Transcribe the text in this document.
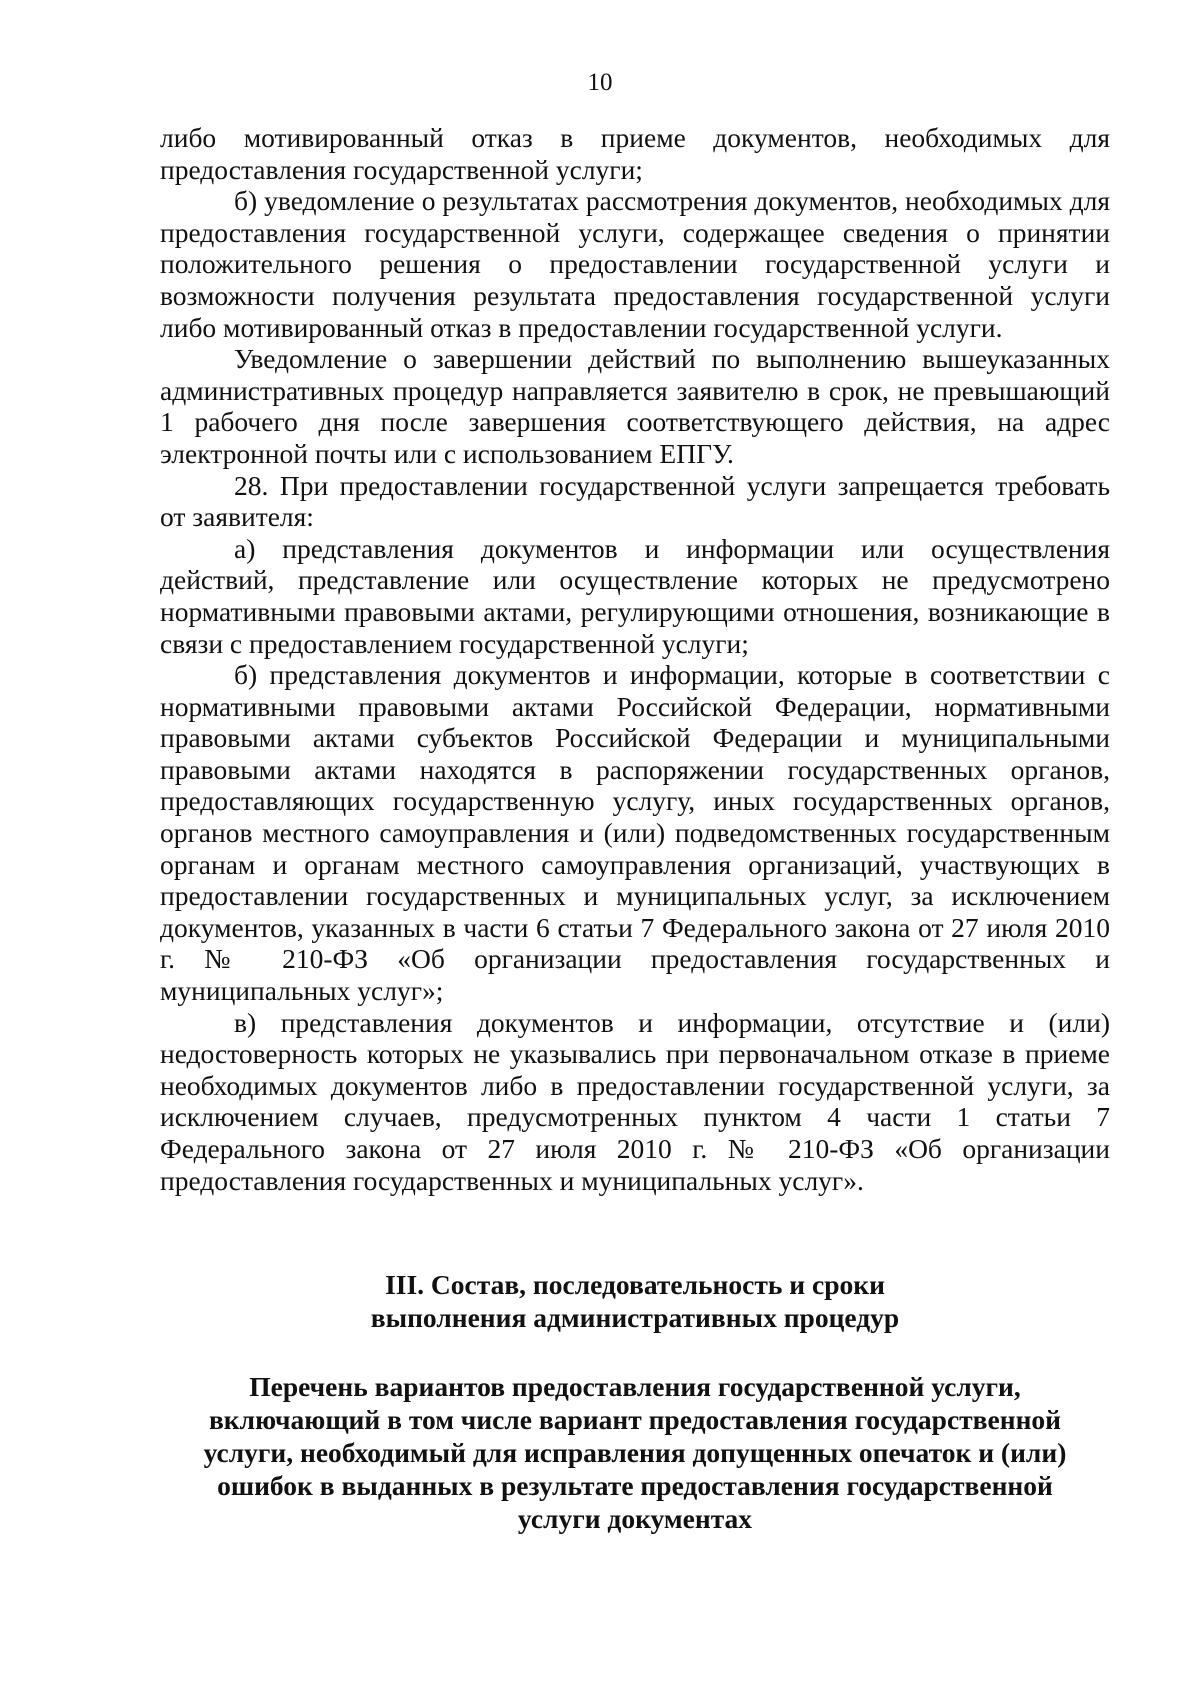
10

либо мотивированный отказ в приеме документов, необходимых для предоставления государственной услуги;

б) уведомление о результатах рассмотрения документов, необходимых для предоставления государственной услуги, содержащее сведения о принятии положительного решения о предоставлении государственной услуги и возможности получения результата предоставления государственной услуги либо мотивированный отказ в предоставлении государственной услуги.

Уведомление о завершении действий по выполнению вышеуказанных административных процедур направляется заявителю в срок, не превышающий 1 рабочего дня после завершения соответствующего действия, на адрес электронной почты или с использованием ЕПГУ.

28. При предоставлении государственной услуги запрещается требовать от заявителя:

а) представления документов и информации или осуществления действий, представление или осуществление которых не предусмотрено нормативными правовыми актами, регулирующими отношения, возникающие в связи с предоставлением государственной услуги;

б) представления документов и информации, которые в соответствии с нормативными правовыми актами Российской Федерации, нормативными правовыми актами субъектов Российской Федерации и муниципальными правовыми актами находятся в распоряжении государственных органов, предоставляющих государственную услугу, иных государственных органов, органов местного самоуправления и (или) подведомственных государственным органам и органам местного самоуправления организаций, участвующих в предоставлении государственных и муниципальных услуг, за исключением документов, указанных в части 6 статьи 7 Федерального закона от 27 июля 2010 г. № 210-ФЗ «Об организации предоставления государственных и муниципальных услуг»;

в) представления документов и информации, отсутствие и (или) недостоверность которых не указывались при первоначальном отказе в приеме необходимых документов либо в предоставлении государственной услуги, за исключением случаев, предусмотренных пунктом 4 части 1 статьи 7 Федерального закона от 27 июля 2010 г. № 210-ФЗ «Об организации предоставления государственных и муниципальных услуг».

III. Состав, последовательность и сроки
выполнения административных процедур
Перечень вариантов предоставления государственной услуги,
включающий в том числе вариант предоставления государственной
услуги, необходимый для исправления допущенных опечаток и (или)
ошибок в выданных в результате предоставления государственной
услуги документах
